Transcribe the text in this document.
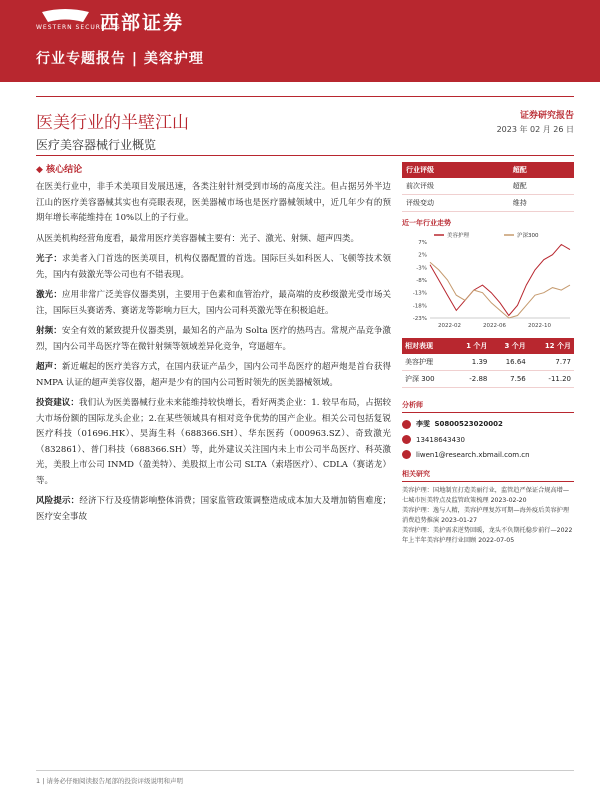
WESTERN SECURITIES
西部证券
行业专题报告 | 美容护理
医美行业的半壁江山
医疗美容器械行业概览
证券研究报告
2023 年 02 月 26 日
◆ 核心结论

在医美行业中，非手术美项目发展迅速，各类注射针剂受到市场的高度关注。但占据另外半边江山的医疗美容器械其实也有亮眼表现，医美器械市场也是医疗器械领域中，近几年少有的预期年增长率能维持在 10%以上的子行业。

从医美机构经营角度看，最常用医疗美容器械主要有：光子、激光、射频、超声四类。

光子：求美者入门首选的医美项目，机构仪器配置的首选。国际巨头如科医人、飞顿等技术领先，国内有鼓激光等公司也有不错表现。

激光：应用非常广泛美容仪器类别，主要用于色素和血管治疗，最高端的皮秒级激光受市场关注，国际巨头赛诺秀、赛诺龙等影响力巨大，国内公司科英激光等在积极追赶。

射频：安全有效的紧致提升仪器类别，最知名的产品为 Solta 医疗的热玛吉。常规产品竞争激烈，国内公司半岛医疗等在微针射频等领域差异化竞争，穹逼超车。

超声：新近崛起的医疗美容方式，在国内获证产品少，国内公司半岛医疗的超声炮是首台获得 NMPA 认证的超声美容仪器，超声是少有的国内公司暂时领先的医美器械领域。

投资建议：我们认为医美器械行业未来能维持较快增长，看好两类企业：1. 较早布局，占据较大市场份额的国际龙头企业；2.在某些领域具有相对竞争优势的国产企业。相关公司包括复锐医疗科技（01696.HK）、昊海生科（688366.SH）、华东医药（000963.SZ）、奇致激光（832861）、普门科技（688366.SH）等，此外建议关注国内未上市公司半岛医疗、科英激光，美股上市公司 INMD（盈美特）、美股拟上市公司 SLTA（索塔医疗）、CDLA（赛诺龙）等。

风险提示：经济下行及疫情影响整体消费；国家监管政策调整造成成本加大及增加销售难度；医疗安全事故

行业评级	超配
前次评级	超配
评级变动	维持
近一年行业走势
美容护理	沪深300
7%
2%
-3%
-8%
-13%
-18%
-23%
2022-02	2022-06	2022-10
相对表现	1 个月	3 个月	12 个月
美容护理	1.39	16.64	7.77
沪深 300	-2.88	7.56	-11.20
分析师
李雯
S0800523020002
13418643430
liwen1@research.xbmail.com.cn
相关研究
美容护理：国地制宜打造美丽行业，监管趋严保证合规高增—七城市医美特点及监管政策梳理 2023-02-20
美容护理：逸与人精，美容护理复苏可期—海外疫后美容护理消费趋势推演 2023-01-27
美容护理：美护需求逆势回暖，龙头不负期托稳步前行—2022 年上半年美容护理行业回顾 2022-07-05
1 | 请务必仔细阅读报告尾部的投资评级说明和声明
